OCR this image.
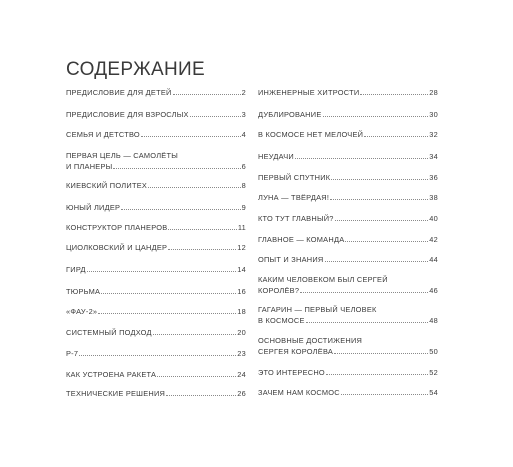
СОДЕРЖАНИЕ
ПРЕДИСЛОВИЕ ДЛЯ ДЕТЕЙ	2
ПРЕДИСЛОВИЕ ДЛЯ ВЗРОСЛЫХ	3
СЕМЬЯ И ДЕТСТВО	4
ПЕРВАЯ ЦЕЛЬ — САМОЛЁТЫ
И ПЛАНЕРЫ	6
КИЕВСКИЙ ПОЛИТЕХ	8
ЮНЫЙ ЛИДЕР	9
КОНСТРУКТОР ПЛАНЕРОВ	11
ЦИОЛКОВСКИЙ И ЦАНДЕР	12
ГИРД	14
ТЮРЬМА	16
«ФАУ-2»	18
СИСТЕМНЫЙ ПОДХОД	20
Р-7	23
КАК УСТРОЕНА РАКЕТА	24
ТЕХНИЧЕСКИЕ РЕШЕНИЯ	26
ИНЖЕНЕРНЫЕ ХИТРОСТИ	28
ДУБЛИРОВАНИЕ	30
В КОСМОСЕ НЕТ МЕЛОЧЕЙ	32
НЕУДАЧИ	34
ПЕРВЫЙ СПУТНИК	36
ЛУНА — ТВЁРДАЯ!	38
КТО ТУТ ГЛАВНЫЙ?	40
ГЛАВНОЕ — КОМАНДА	42
ОПЫТ И ЗНАНИЯ	44
КАКИМ ЧЕЛОВЕКОМ БЫЛ СЕРГЕЙ
КОРОЛЁВ?	46
ГАГАРИН — ПЕРВЫЙ ЧЕЛОВЕК
В КОСМОСЕ	48
ОСНОВНЫЕ ДОСТИЖЕНИЯ
СЕРГЕЯ КОРОЛЁВА	50
ЭТО ИНТЕРЕСНО	52
ЗАЧЕМ НАМ КОСМОС	54
